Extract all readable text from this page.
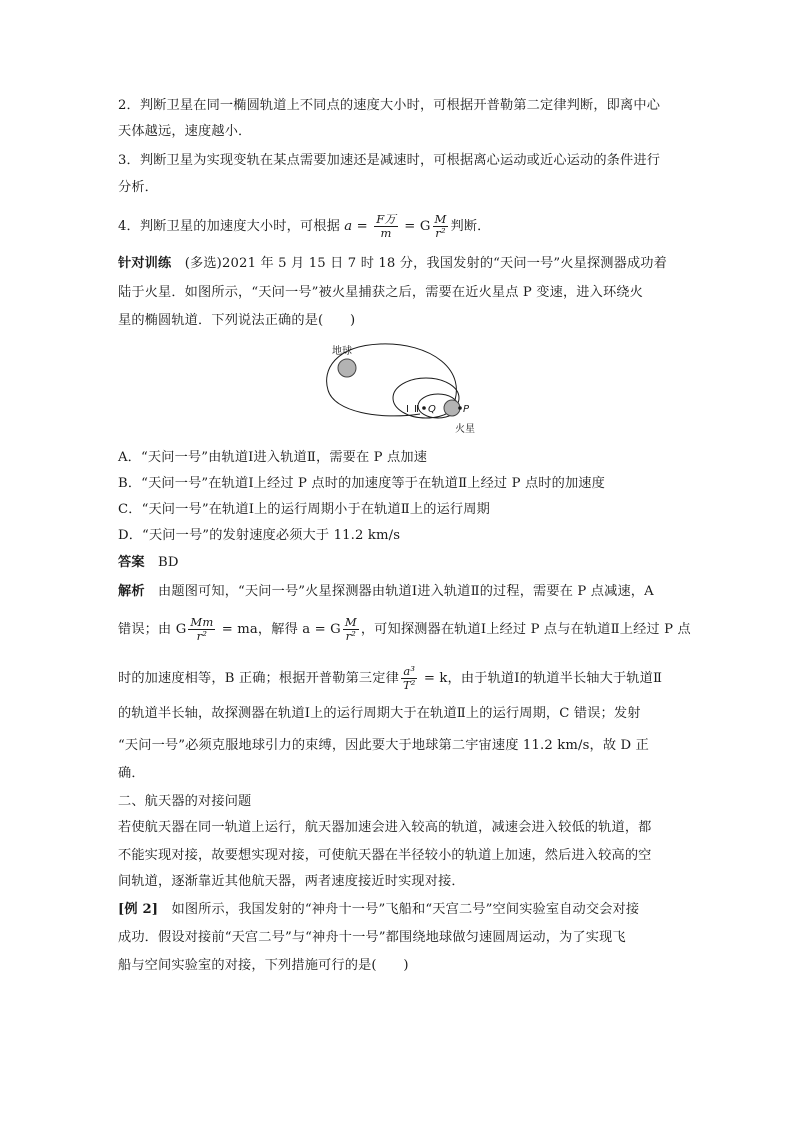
2．判断卫星在同一椭圆轨道上不同点的速度大小时，可根据开普勒第二定律判断，即离中心
天体越远，速度越小．
3．判断卫星为实现变轨在某点需要加速还是减速时，可根据离心运动或近心运动的条件进行
分析．
4．判断卫星的加速度大小时，可根据 $a = \frac{\text{F万}}{m} = G \frac{M}{\text{r²}}$ 判断．
针对训练　(多选)2021 年 5 月 15 日 7 时 18 分，我国发射的“天问一号”火星探测器成功着
陆于火星．如图所示，“天问一号”被火星捕获之后，需要在近火星点 P 变速，进入环绕火
星的椭圆轨道．下列说法正确的是(　　)
地球
火星
Q	P
Ⅰ Ⅱ
A．“天问一号”由轨道Ⅰ进入轨道Ⅱ，需要在 P 点加速
B．“天问一号”在轨道Ⅰ上经过 P 点时的加速度等于在轨道Ⅱ上经过 P 点时的加速度
C．“天问一号”在轨道Ⅰ上的运行周期小于在轨道Ⅱ上的运行周期
D．“天问一号”的发射速度必须大于 11.2 km/s
答案　BD
解析　由题图可知，“天问一号”火星探测器由轨道Ⅰ进入轨道Ⅱ的过程，需要在 P 点减速，A
错误；由 G $\frac{Mm}{\text{r²}}$ = ma，解得 a = G $\frac{M}{\text{r²}}$ ，可知探测器在轨道Ⅰ上经过 P 点与在轨道Ⅱ上经过 P 点
时的加速度相等，B 正确；根据开普勒第三定律 $\frac{\text{a³}}{\text{T²}} = k$，由于轨道Ⅰ的轨道半长轴大于轨道Ⅱ
的轨道半长轴，故探测器在轨道Ⅰ上的运行周期大于在轨道Ⅱ上的运行周期，C 错误；发射
“天问一号”必须克服地球引力的束缚，因此要大于地球第二宇宙速度 11.2 km/s，故 D 正
确．
二、航天器的对接问题
若使航天器在同一轨道上运行，航天器加速会进入较高的轨道，减速会进入较低的轨道，都
不能实现对接，故要想实现对接，可使航天器在半径较小的轨道上加速，然后进入较高的空
间轨道，逐渐靠近其他航天器，两者速度接近时实现对接．
[例 2]　如图所示，我国发射的“神舟十一号”飞船和“天宫二号”空间实验室自动交会对接
成功．假设对接前“天宫二号”与“神舟十一号”都围绕地球做匀速圆周运动，为了实现飞
船与空间实验室的对接，下列措施可行的是(　　)
